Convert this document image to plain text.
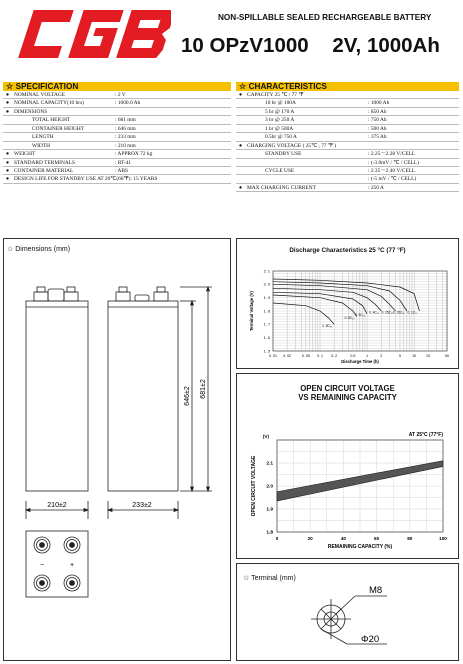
NON-SPILLABLE SEALED RECHARGEABLE BATTERY
10 OPzV1000 2V, 1000Ah
☆ SPECIFICATION
● NOMINAL VOLTAGE	: 2 V
● NOMINAL CAPACITY(10 hrs)	: 1000.0 Ah
● DIMENSIONS
TOTAL HEIGHT	: 681 mm
CONTAINER HEIGHT	: 646 mm
LENGTH	: 233 mm
WIDTH	: 210 mm
● WEIGHT	: APPROX 72 kg
● STANDARD TERMINALS	: RT-41
● CONTAINER MATERIAL	: ABS
● DESIGN LIFE FOR STANDBY USE AT 20℃(68℉): 15 YEARS
☆ CHARACTERISTICS
● CAPACITY 25 ℃ / 77 ℉
10 hr @ 100A	: 1000 Ah
5 hr @ 170 A	: 850 Ah
3 hr @ 250 A	: 750 Ah
1 hr @ 500A	: 500 Ah
0.5hr @ 750 A	: 375 Ah
● CHARGING VOLTAGE ( 25℃ , 77 ℉ )
STANDBY USE	: 2.25～2.28 V/CELL
: (-3.0mV / ℃ / CELL)
CYCLE USE	: 2.35～2.40 V/CELL
: (-5 mV / ℃ / CELL)
● MAX CHARGING CURRENT	: 250 A
☆ Dimensions (mm)
210±2
646±2 681±2
233±2
−	+
Discharge Characteristics 25 °C (77 °F)
0. 01 0. 02	0. 05 0. 1 0. 2	0.5	1	2	5	10	20	50
1. 5
1. 6
1. 7
1. 8
1. 9
2. 0
2. 1
Discharge Time (h)
Terminal Voltage (V)	0. 1C₁₀
0. 15C₁₀
0. 25C₁₀
0. 4C₁₀
0. 6C₁₀
0. 8C₁₀
1. 5C₁₀
OPEN CIRCUIT VOLTAGE
VS REMAINING CAPACITY
0	20	40	60	80	100
1.8
1.9
2.0
2.1
REMAINING CAPACITY (%)
OPEN CIRCUIT VOLTAGE
(V)	AT 25°C (77°F)
☆ Terminal (mm)
M8
Φ20
